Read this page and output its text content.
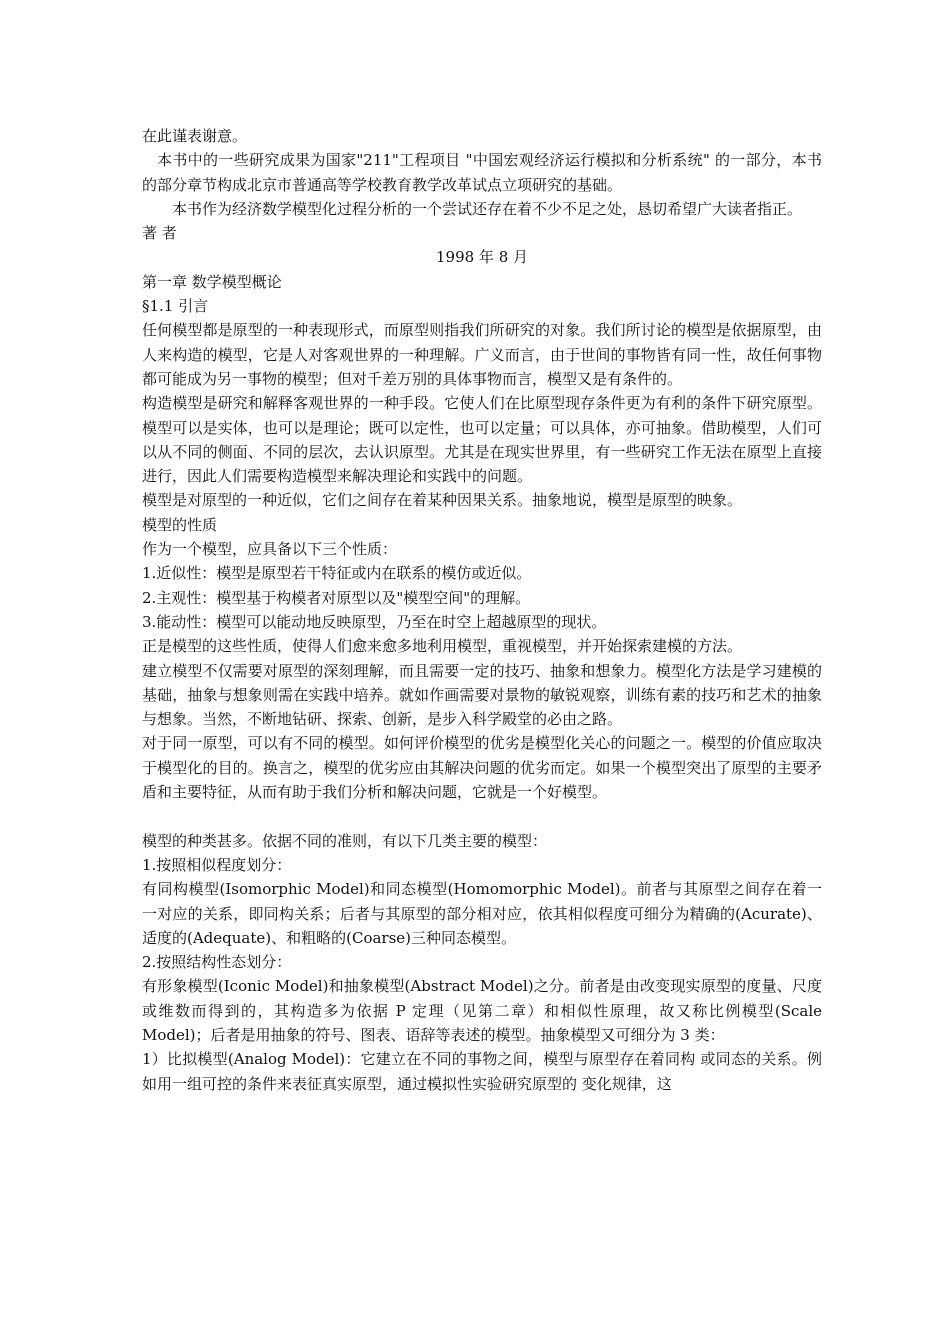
在此谨表谢意。

本书中的一些研究成果为国家"211"工程项目 "中国宏观经济运行模拟和分析系统" 的一部分，本书的部分章节构成北京市普通高等学校教育教学改革试点立项研究的基础。

本书作为经济数学模型化过程分析的一个尝试还存在着不少不足之处，恳切希望广大读者指正。

著 者

1998 年 8 月

第一章 数学模型概论

§1.1 引言

任何模型都是原型的一种表现形式，而原型则指我们所研究的对象。我们所讨论的模型是依据原型，由人来构造的模型，它是人对客观世界的一种理解。广义而言，由于世间的事物皆有同一性，故任何事物都可能成为另一事物的模型；但对千差万别的具体事物而言，模型又是有条件的。

构造模型是研究和解释客观世界的一种手段。它使人们在比原型现存条件更为有利的条件下研究原型。模型可以是实体，也可以是理论；既可以定性，也可以定量；可以具体，亦可抽象。借助模型，人们可以从不同的侧面、不同的层次，去认识原型。尤其是在现实世界里，有一些研究工作无法在原型上直接进行，因此人们需要构造模型来解决理论和实践中的问题。

模型是对原型的一种近似，它们之间存在着某种因果关系。抽象地说，模型是原型的映象。

模型的性质

作为一个模型，应具备以下三个性质：

1.近似性：模型是原型若干特征或内在联系的模仿或近似。

2.主观性：模型基于构模者对原型以及"模型空间"的理解。

3.能动性：模型可以能动地反映原型，乃至在时空上超越原型的现状。

正是模型的这些性质，使得人们愈来愈多地利用模型，重视模型，并开始探索建模的方法。

建立模型不仅需要对原型的深刻理解，而且需要一定的技巧、抽象和想象力。模型化方法是学习建模的基础，抽象与想象则需在实践中培养。就如作画需要对景物的敏锐观察，训练有素的技巧和艺术的抽象与想象。当然，不断地钻研、探索、创新，是步入科学殿堂的必由之路。

对于同一原型，可以有不同的模型。如何评价模型的优劣是模型化关心的问题之一。模型的价值应取决于模型化的目的。换言之，模型的优劣应由其解决问题的优劣而定。如果一个模型突出了原型的主要矛盾和主要特征，从而有助于我们分析和解决问题，它就是一个好模型。

模型的种类甚多。依据不同的准则，有以下几类主要的模型：

1.按照相似程度划分：

有同构模型(Isomorphic Model)和同态模型(Homomorphic Model)。前者与其原型之间存在着一一对应的关系，即同构关系；后者与其原型的部分相对应，依其相似程度可细分为精确的(Acurate)、适度的(Adequate)、和粗略的(Coarse)三种同态模型。

2.按照结构性态划分：

有形象模型(Iconic Model)和抽象模型(Abstract Model)之分。前者是由改变现实原型的度量、尺度或维数而得到的，其构造多为依据 P 定理（见第二章）和相似性原理，故又称比例模型(Scale Model)；后者是用抽象的符号、图表、语辞等表述的模型。抽象模型又可细分为 3 类：

1）比拟模型(Analog Model)：它建立在不同的事物之间，模型与原型存在着同构 或同态的关系。例如用一组可控的条件来表征真实原型，通过模拟性实验研究原型的 变化规律，这
